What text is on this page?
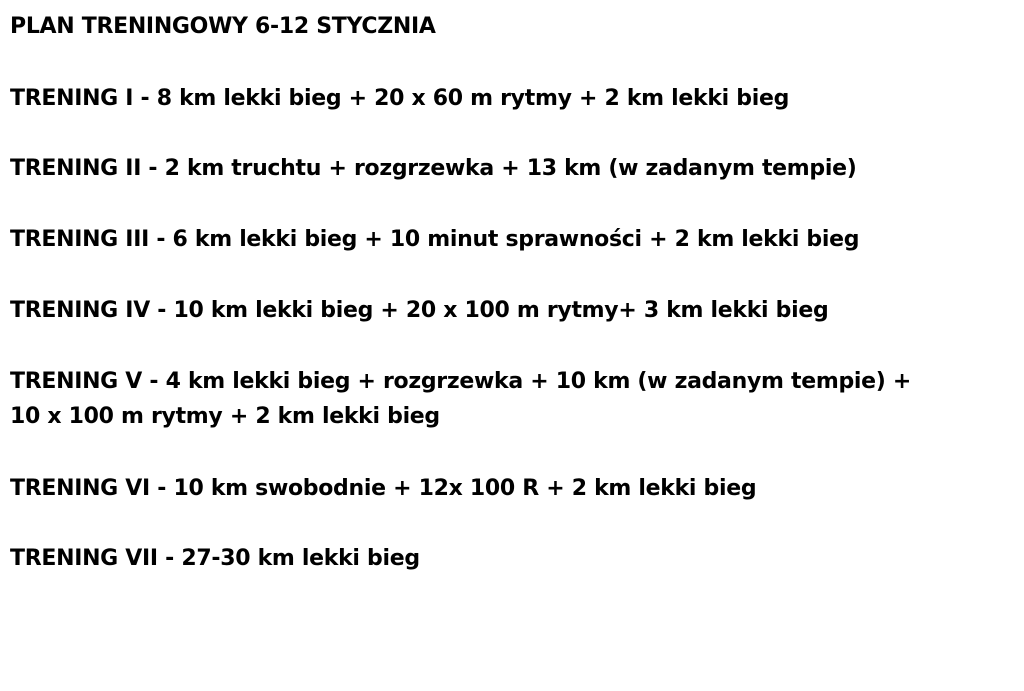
PLAN TRENINGOWY 6-12 STYCZNIA
TRENING I - 8 km lekki bieg + 20 x 60 m rytmy + 2 km lekki bieg
TRENING II - 2 km truchtu + rozgrzewka + 13 km (w zadanym tempie)
TRENING III - 6 km lekki bieg + 10 minut sprawności + 2 km lekki bieg
TRENING IV - 10 km lekki bieg + 20 x 100 m rytmy+ 3 km lekki bieg
TRENING V - 4 km lekki bieg + rozgrzewka + 10 km (w zadanym tempie) +
10 x 100 m rytmy + 2 km lekki bieg
TRENING VI - 10 km swobodnie + 12x 100 R + 2 km lekki bieg
TRENING VII - 27-30 km lekki bieg
